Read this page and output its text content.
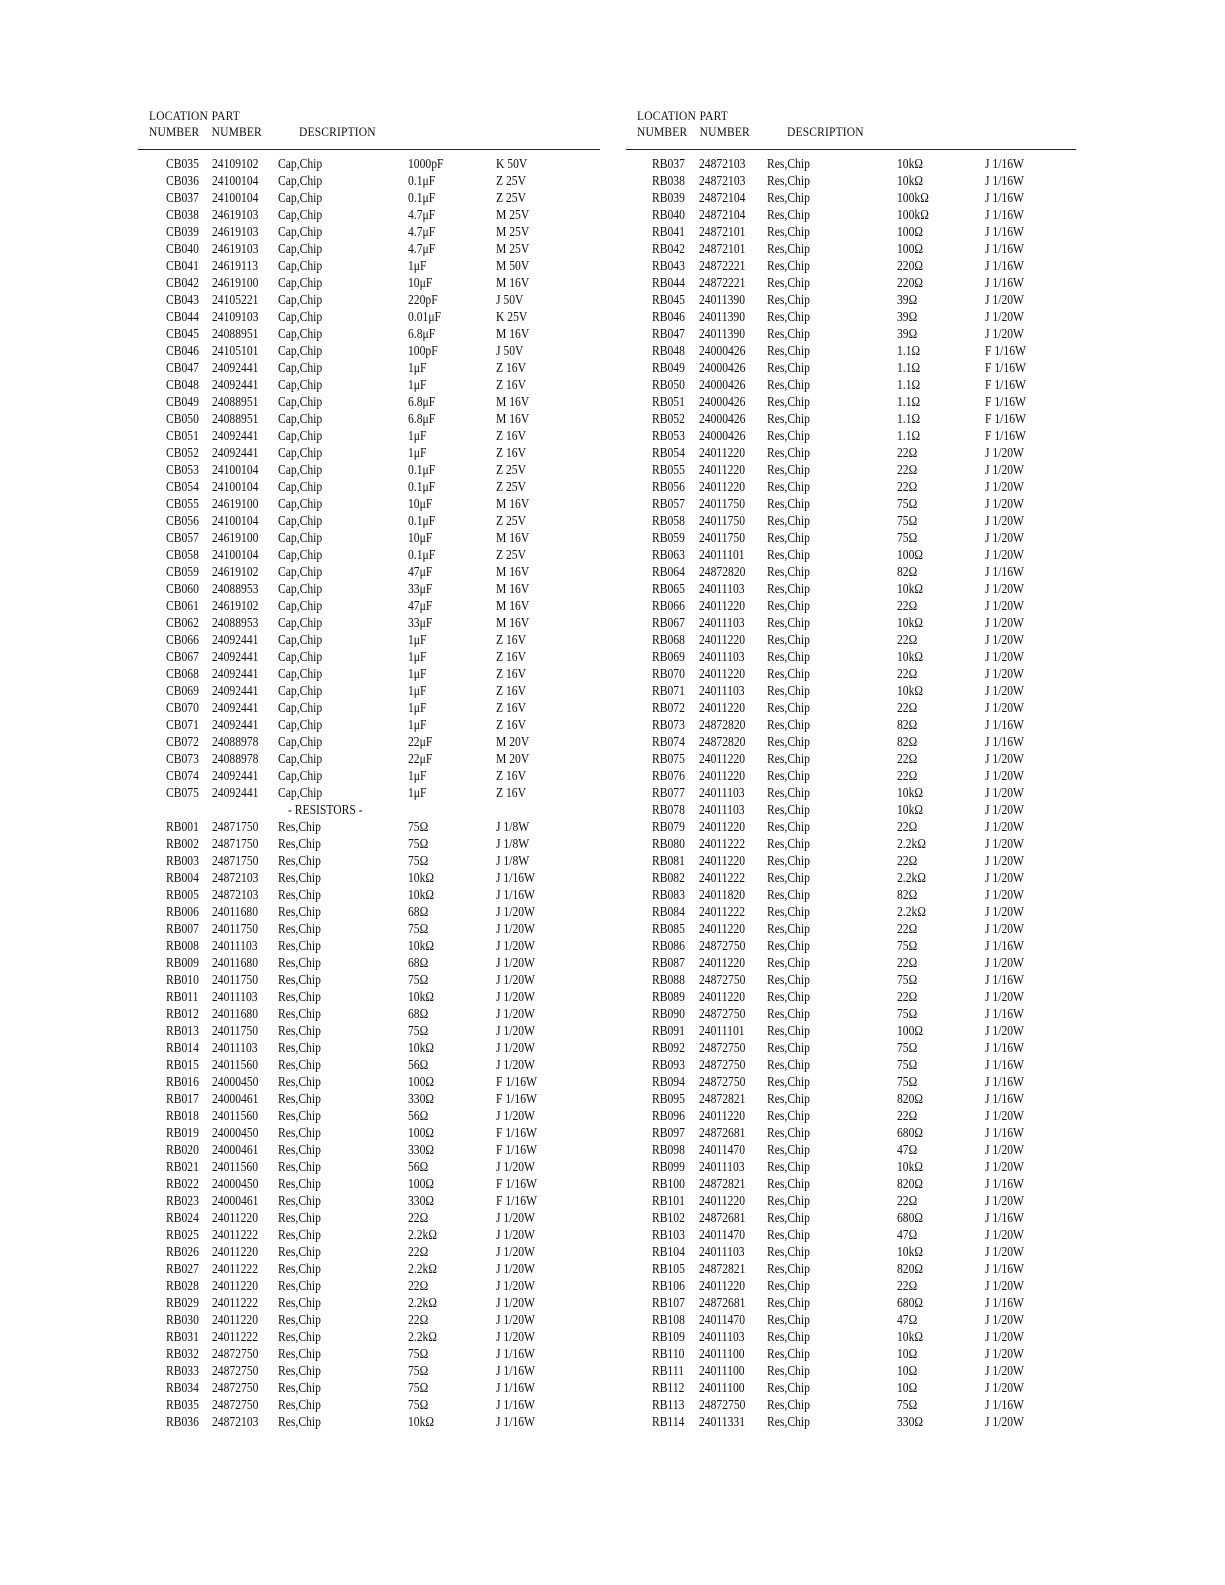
LOCATION
NUMBER
PART
NUMBER	DESCRIPTION
CB035 24109102	Cap,Chip	1000pF	K 50V
CB036 24100104	Cap,Chip	0.1μF	Z 25V
CB037 24100104	Cap,Chip	0.1μF	Z 25V
CB038 24619103	Cap,Chip	4.7μF	M 25V
CB039 24619103	Cap,Chip	4.7μF	M 25V
CB040 24619103	Cap,Chip	4.7μF	M 25V
CB041 24619113	Cap,Chip	1μF	M 50V
CB042 24619100	Cap,Chip	10μF	M 16V
CB043 24105221	Cap,Chip	220pF	J 50V
CB044 24109103	Cap,Chip	0.01μF	K 25V
CB045 24088951	Cap,Chip	6.8μF	M 16V
CB046 24105101	Cap,Chip	100pF	J 50V
CB047 24092441	Cap,Chip	1μF	Z 16V
CB048 24092441	Cap,Chip	1μF	Z 16V
CB049 24088951	Cap,Chip	6.8μF	M 16V
CB050 24088951	Cap,Chip	6.8μF	M 16V
CB051 24092441	Cap,Chip	1μF	Z 16V
CB052 24092441	Cap,Chip	1μF	Z 16V
CB053 24100104	Cap,Chip	0.1μF	Z 25V
CB054 24100104	Cap,Chip	0.1μF	Z 25V
CB055 24619100	Cap,Chip	10μF	M 16V
CB056 24100104	Cap,Chip	0.1μF	Z 25V
CB057 24619100	Cap,Chip	10μF	M 16V
CB058 24100104	Cap,Chip	0.1μF	Z 25V
CB059 24619102	Cap,Chip	47μF	M 16V
CB060 24088953	Cap,Chip	33μF	M 16V
CB061 24619102	Cap,Chip	47μF	M 16V
CB062 24088953	Cap,Chip	33μF	M 16V
CB066 24092441	Cap,Chip	1μF	Z 16V
CB067 24092441	Cap,Chip	1μF	Z 16V
CB068 24092441	Cap,Chip	1μF	Z 16V
CB069 24092441	Cap,Chip	1μF	Z 16V
CB070 24092441	Cap,Chip	1μF	Z 16V
CB071 24092441	Cap,Chip	1μF	Z 16V
CB072 24088978	Cap,Chip	22μF	M 20V
CB073 24088978	Cap,Chip	22μF	M 20V
CB074 24092441	Cap,Chip	1μF	Z 16V
CB075 24092441	Cap,Chip	1μF	Z 16V
- RESISTORS -
RB001 24871750	Res,Chip	75Ω	J 1/8W
RB002 24871750	Res,Chip	75Ω	J 1/8W
RB003 24871750	Res,Chip	75Ω	J 1/8W
RB004 24872103	Res,Chip	10kΩ	J 1/16W
RB005 24872103	Res,Chip	10kΩ	J 1/16W
RB006 24011680	Res,Chip	68Ω	J 1/20W
RB007 24011750	Res,Chip	75Ω	J 1/20W
RB008 24011103	Res,Chip	10kΩ	J 1/20W
RB009 24011680	Res,Chip	68Ω	J 1/20W
RB010 24011750	Res,Chip	75Ω	J 1/20W
RB011	24011103	Res,Chip	10kΩ	J 1/20W
RB012 24011680	Res,Chip	68Ω	J 1/20W
RB013 24011750	Res,Chip	75Ω	J 1/20W
RB014 24011103	Res,Chip	10kΩ	J 1/20W
RB015 24011560	Res,Chip	56Ω	J 1/20W
RB016 24000450	Res,Chip	100Ω	F 1/16W
RB017 24000461	Res,Chip	330Ω	F 1/16W
RB018 24011560	Res,Chip	56Ω	J 1/20W
RB019 24000450	Res,Chip	100Ω	F 1/16W
RB020 24000461	Res,Chip	330Ω	F 1/16W
RB021 24011560	Res,Chip	56Ω	J 1/20W
RB022 24000450	Res,Chip	100Ω	F 1/16W
RB023 24000461	Res,Chip	330Ω	F 1/16W
RB024 24011220	Res,Chip	22Ω	J 1/20W
RB025 24011222	Res,Chip	2.2kΩ	J 1/20W
RB026 24011220	Res,Chip	22Ω	J 1/20W
RB027 24011222	Res,Chip	2.2kΩ	J 1/20W
RB028 24011220	Res,Chip	22Ω	J 1/20W
RB029 24011222	Res,Chip	2.2kΩ	J 1/20W
RB030 24011220	Res,Chip	22Ω	J 1/20W
RB031 24011222	Res,Chip	2.2kΩ	J 1/20W
RB032 24872750	Res,Chip	75Ω	J 1/16W
RB033 24872750	Res,Chip	75Ω	J 1/16W
RB034 24872750	Res,Chip	75Ω	J 1/16W
RB035 24872750	Res,Chip	75Ω	J 1/16W
RB036 24872103	Res,Chip	10kΩ	J 1/16W
LOCATION
NUMBER
PART
NUMBER	DESCRIPTION
RB037	24872103	Res,Chip	10kΩ	J 1/16W
RB038	24872103	Res,Chip	10kΩ	J 1/16W
RB039	24872104	Res,Chip	100kΩ	J 1/16W
RB040	24872104	Res,Chip	100kΩ	J 1/16W
RB041	24872101	Res,Chip	100Ω	J 1/16W
RB042	24872101	Res,Chip	100Ω	J 1/16W
RB043	24872221	Res,Chip	220Ω	J 1/16W
RB044	24872221	Res,Chip	220Ω	J 1/16W
RB045	24011390	Res,Chip	39Ω	J 1/20W
RB046	24011390	Res,Chip	39Ω	J 1/20W
RB047	24011390	Res,Chip	39Ω	J 1/20W
RB048	24000426	Res,Chip	1.1Ω	F 1/16W
RB049	24000426	Res,Chip	1.1Ω	F 1/16W
RB050	24000426	Res,Chip	1.1Ω	F 1/16W
RB051	24000426	Res,Chip	1.1Ω	F 1/16W
RB052	24000426	Res,Chip	1.1Ω	F 1/16W
RB053	24000426	Res,Chip	1.1Ω	F 1/16W
RB054	24011220	Res,Chip	22Ω	J 1/20W
RB055	24011220	Res,Chip	22Ω	J 1/20W
RB056	24011220	Res,Chip	22Ω	J 1/20W
RB057	24011750	Res,Chip	75Ω	J 1/20W
RB058	24011750	Res,Chip	75Ω	J 1/20W
RB059	24011750	Res,Chip	75Ω	J 1/20W
RB063	24011101	Res,Chip	100Ω	J 1/20W
RB064	24872820	Res,Chip	82Ω	J 1/16W
RB065	24011103	Res,Chip	10kΩ	J 1/20W
RB066	24011220	Res,Chip	22Ω	J 1/20W
RB067	24011103	Res,Chip	10kΩ	J 1/20W
RB068	24011220	Res,Chip	22Ω	J 1/20W
RB069	24011103	Res,Chip	10kΩ	J 1/20W
RB070	24011220	Res,Chip	22Ω	J 1/20W
RB071	24011103	Res,Chip	10kΩ	J 1/20W
RB072	24011220	Res,Chip	22Ω	J 1/20W
RB073	24872820	Res,Chip	82Ω	J 1/16W
RB074	24872820	Res,Chip	82Ω	J 1/16W
RB075	24011220	Res,Chip	22Ω	J 1/20W
RB076	24011220	Res,Chip	22Ω	J 1/20W
RB077	24011103	Res,Chip	10kΩ	J 1/20W
RB078	24011103	Res,Chip	10kΩ	J 1/20W
RB079	24011220	Res,Chip	22Ω	J 1/20W
RB080	24011222	Res,Chip	2.2kΩ	J 1/20W
RB081	24011220	Res,Chip	22Ω	J 1/20W
RB082	24011222	Res,Chip	2.2kΩ	J 1/20W
RB083	24011820	Res,Chip	82Ω	J 1/20W
RB084	24011222	Res,Chip	2.2kΩ	J 1/20W
RB085	24011220	Res,Chip	22Ω	J 1/20W
RB086	24872750	Res,Chip	75Ω	J 1/16W
RB087	24011220	Res,Chip	22Ω	J 1/20W
RB088	24872750	Res,Chip	75Ω	J 1/16W
RB089	24011220	Res,Chip	22Ω	J 1/20W
RB090	24872750	Res,Chip	75Ω	J 1/16W
RB091	24011101	Res,Chip	100Ω	J 1/20W
RB092	24872750	Res,Chip	75Ω	J 1/16W
RB093	24872750	Res,Chip	75Ω	J 1/16W
RB094	24872750	Res,Chip	75Ω	J 1/16W
RB095	24872821	Res,Chip	820Ω	J 1/16W
RB096	24011220	Res,Chip	22Ω	J 1/20W
RB097	24872681	Res,Chip	680Ω	J 1/16W
RB098	24011470	Res,Chip	47Ω	J 1/20W
RB099	24011103	Res,Chip	10kΩ	J 1/20W
RB100	24872821	Res,Chip	820Ω	J 1/16W
RB101	24011220	Res,Chip	22Ω	J 1/20W
RB102	24872681	Res,Chip	680Ω	J 1/16W
RB103	24011470	Res,Chip	47Ω	J 1/20W
RB104	24011103	Res,Chip	10kΩ	J 1/20W
RB105	24872821	Res,Chip	820Ω	J 1/16W
RB106	24011220	Res,Chip	22Ω	J 1/20W
RB107	24872681	Res,Chip	680Ω	J 1/16W
RB108	24011470	Res,Chip	47Ω	J 1/20W
RB109	24011103	Res,Chip	10kΩ	J 1/20W
RB110	24011100	Res,Chip	10Ω	J 1/20W
RB111	24011100	Res,Chip	10Ω	J 1/20W
RB112	24011100	Res,Chip	10Ω	J 1/20W
RB113	24872750	Res,Chip	75Ω	J 1/16W
RB114	24011331	Res,Chip	330Ω	J 1/20W
